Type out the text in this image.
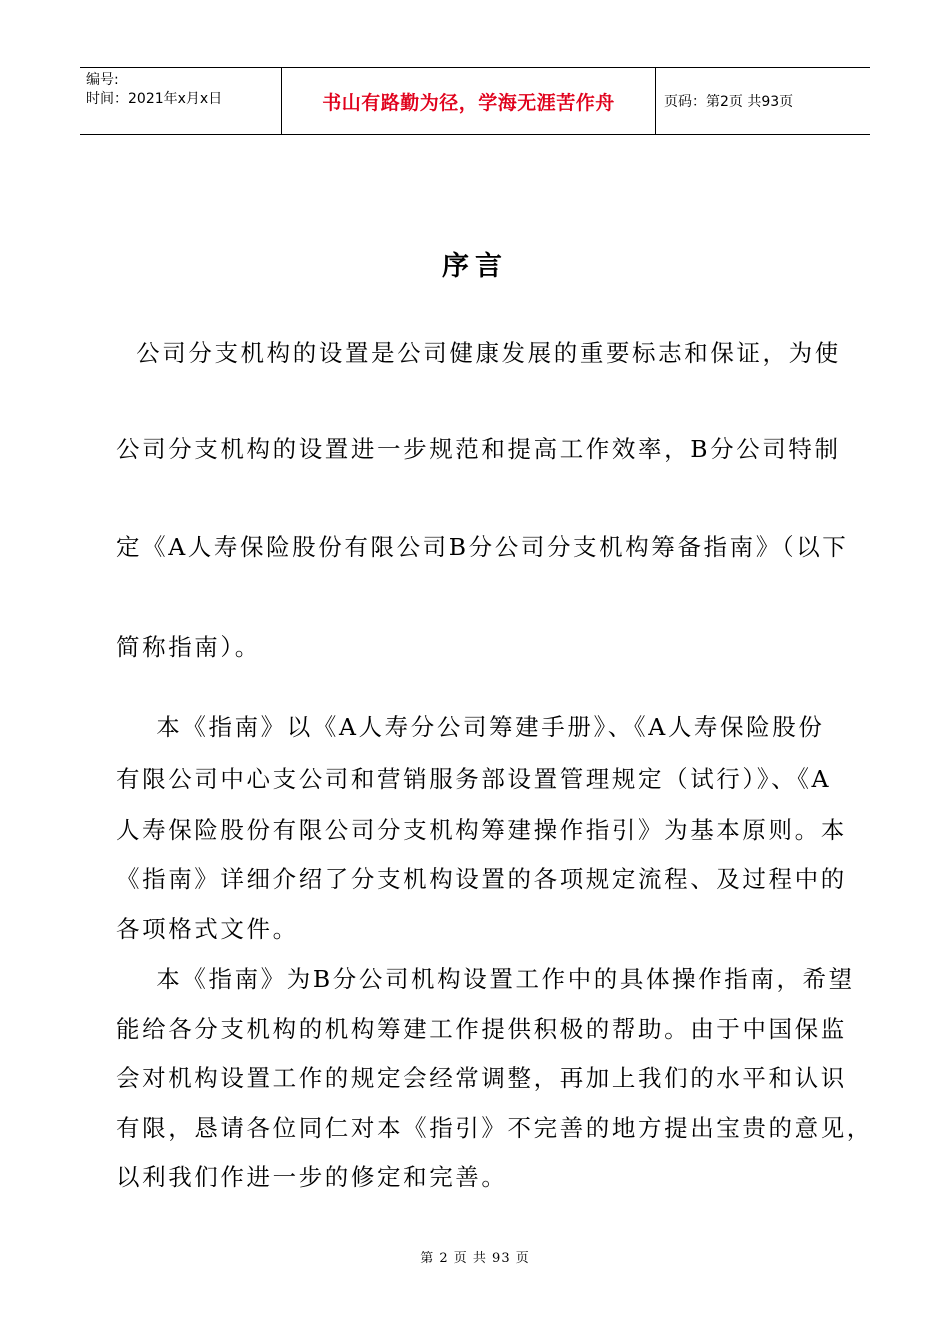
编号:
时间：2021年x月x日	书山有路勤为径，学海无涯苦作舟	页码：第2页 共93页
序言
公司分支机构的设置是公司健康发展的重要标志和保证，为使
公司分支机构的设置进一步规范和提高工作效率，B分公司特制
定《A人寿保险股份有限公司B分公司分支机构筹备指南》（以下
简称指南）。
本《指南》以《A人寿分公司筹建手册》、《A人寿保险股份
有限公司中心支公司和营销服务部设置管理规定（试行）》、《A
人寿保险股份有限公司分支机构筹建操作指引》为基本原则。本
《指南》详细介绍了分支机构设置的各项规定流程、及过程中的
各项格式文件。
本《指南》为B分公司机构设置工作中的具体操作指南，希望
能给各分支机构的机构筹建工作提供积极的帮助。由于中国保监
会对机构设置工作的规定会经常调整，再加上我们的水平和认识
有限，恳请各位同仁对本《指引》不完善的地方提出宝贵的意见，
以利我们作进一步的修定和完善。
第 2 页 共 93 页
